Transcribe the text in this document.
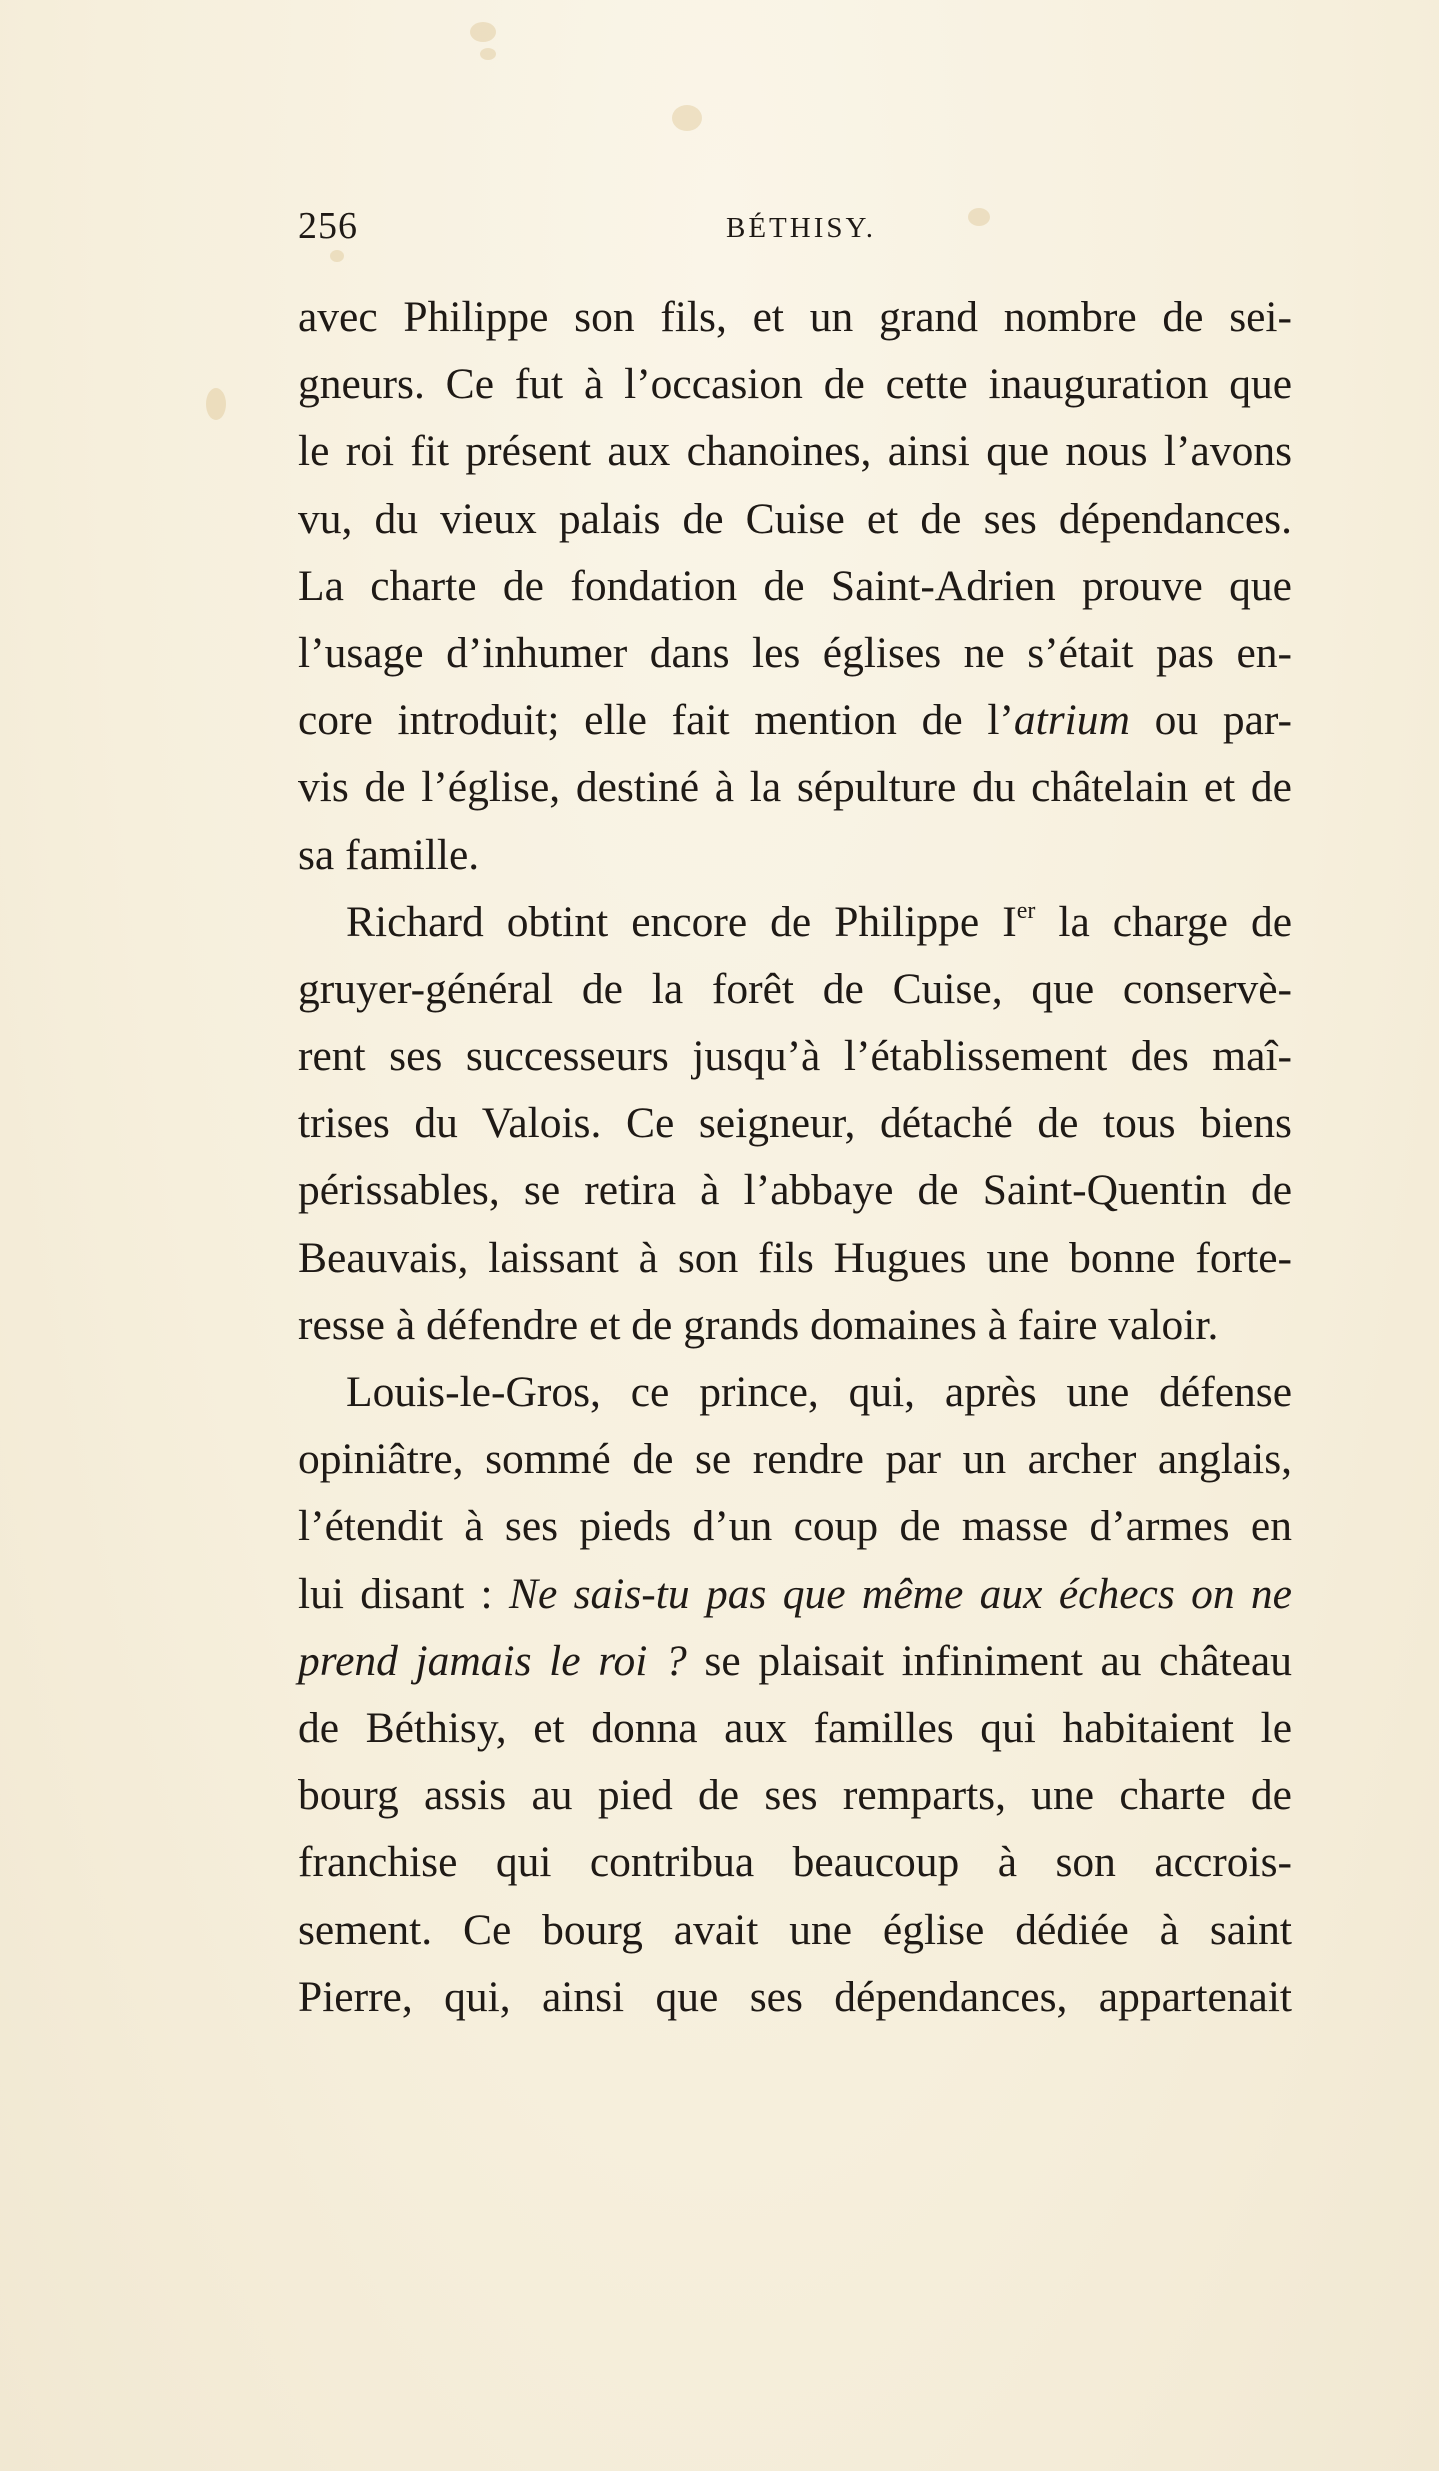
256	BÉTHISY.
avec Philippe son fils, et un grand nombre de sei-
gneurs. Ce fut à l’occasion de cette inauguration que
le roi fit présent aux chanoines, ainsi que nous l’avons
vu, du vieux palais de Cuise et de ses dépendances.
La charte de fondation de Saint-Adrien prouve que
l’usage d’inhumer dans les églises ne s’était pas en-
core introduit; elle fait mention de l’atrium ou par-
vis de l’église, destiné à la sépulture du châtelain et de
sa famille.
Richard obtint encore de Philippe Ier la charge de
gruyer-général de la forêt de Cuise, que conservè-
rent ses successeurs jusqu’à l’établissement des maî-
trises du Valois. Ce seigneur, détaché de tous biens
périssables, se retira à l’abbaye de Saint-Quentin de
Beauvais, laissant à son fils Hugues une bonne forte-
resse à défendre et de grands domaines à faire valoir.
Louis-le-Gros, ce prince, qui, après une défense
opiniâtre, sommé de se rendre par un archer anglais,
l’étendit à ses pieds d’un coup de masse d’armes en
lui disant : Ne sais-tu pas que même aux échecs on ne
prend jamais le roi ? se plaisait infiniment au château
de Béthisy, et donna aux familles qui habitaient le
bourg assis au pied de ses remparts, une charte de
franchise qui contribua beaucoup à son accrois-
sement. Ce bourg avait une église dédiée à saint
Pierre, qui, ainsi que ses dépendances, appartenait
